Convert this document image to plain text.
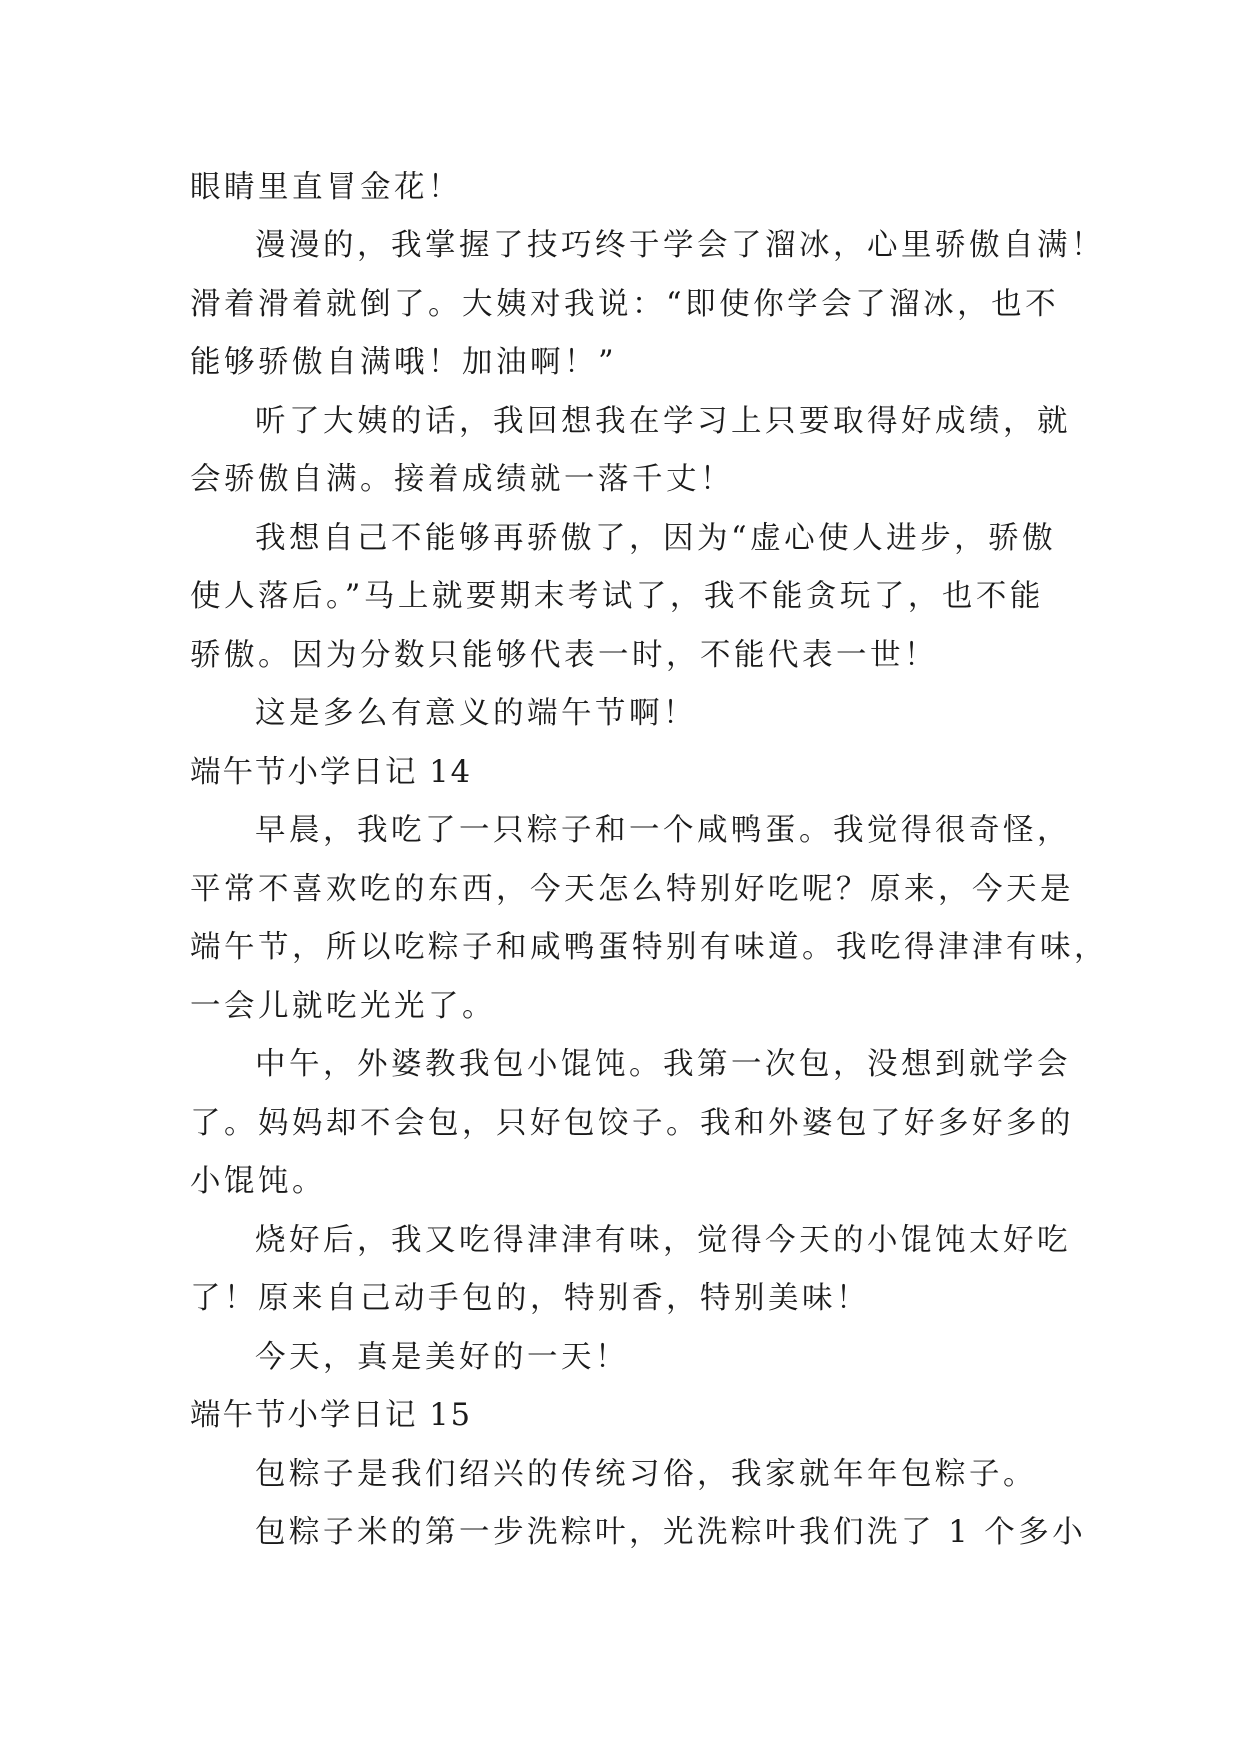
眼睛里直冒金花！
漫漫的，我掌握了技巧终于学会了溜冰，心里骄傲自满！
滑着滑着就倒了。大姨对我说：“即使你学会了溜冰，也不
能够骄傲自满哦！加油啊！”
听了大姨的话，我回想我在学习上只要取得好成绩，就
会骄傲自满。接着成绩就一落千丈！
我想自己不能够再骄傲了，因为“虚心使人进步，骄傲
使人落后。”马上就要期末考试了，我不能贪玩了，也不能
骄傲。因为分数只能够代表一时，不能代表一世！
这是多么有意义的端午节啊！
端午节小学日记 14
早晨，我吃了一只粽子和一个咸鸭蛋。我觉得很奇怪，
平常不喜欢吃的东西，今天怎么特别好吃呢？原来，今天是
端午节，所以吃粽子和咸鸭蛋特别有味道。我吃得津津有味，
一会儿就吃光光了。
中午，外婆教我包小馄饨。我第一次包，没想到就学会
了。妈妈却不会包，只好包饺子。我和外婆包了好多好多的
小馄饨。
烧好后，我又吃得津津有味，觉得今天的小馄饨太好吃
了！原来自己动手包的，特别香，特别美味！
今天，真是美好的一天！
端午节小学日记 15
包粽子是我们绍兴的传统习俗，我家就年年包粽子。
包粽子米的第一步洗粽叶，光洗粽叶我们洗了 1 个多小
